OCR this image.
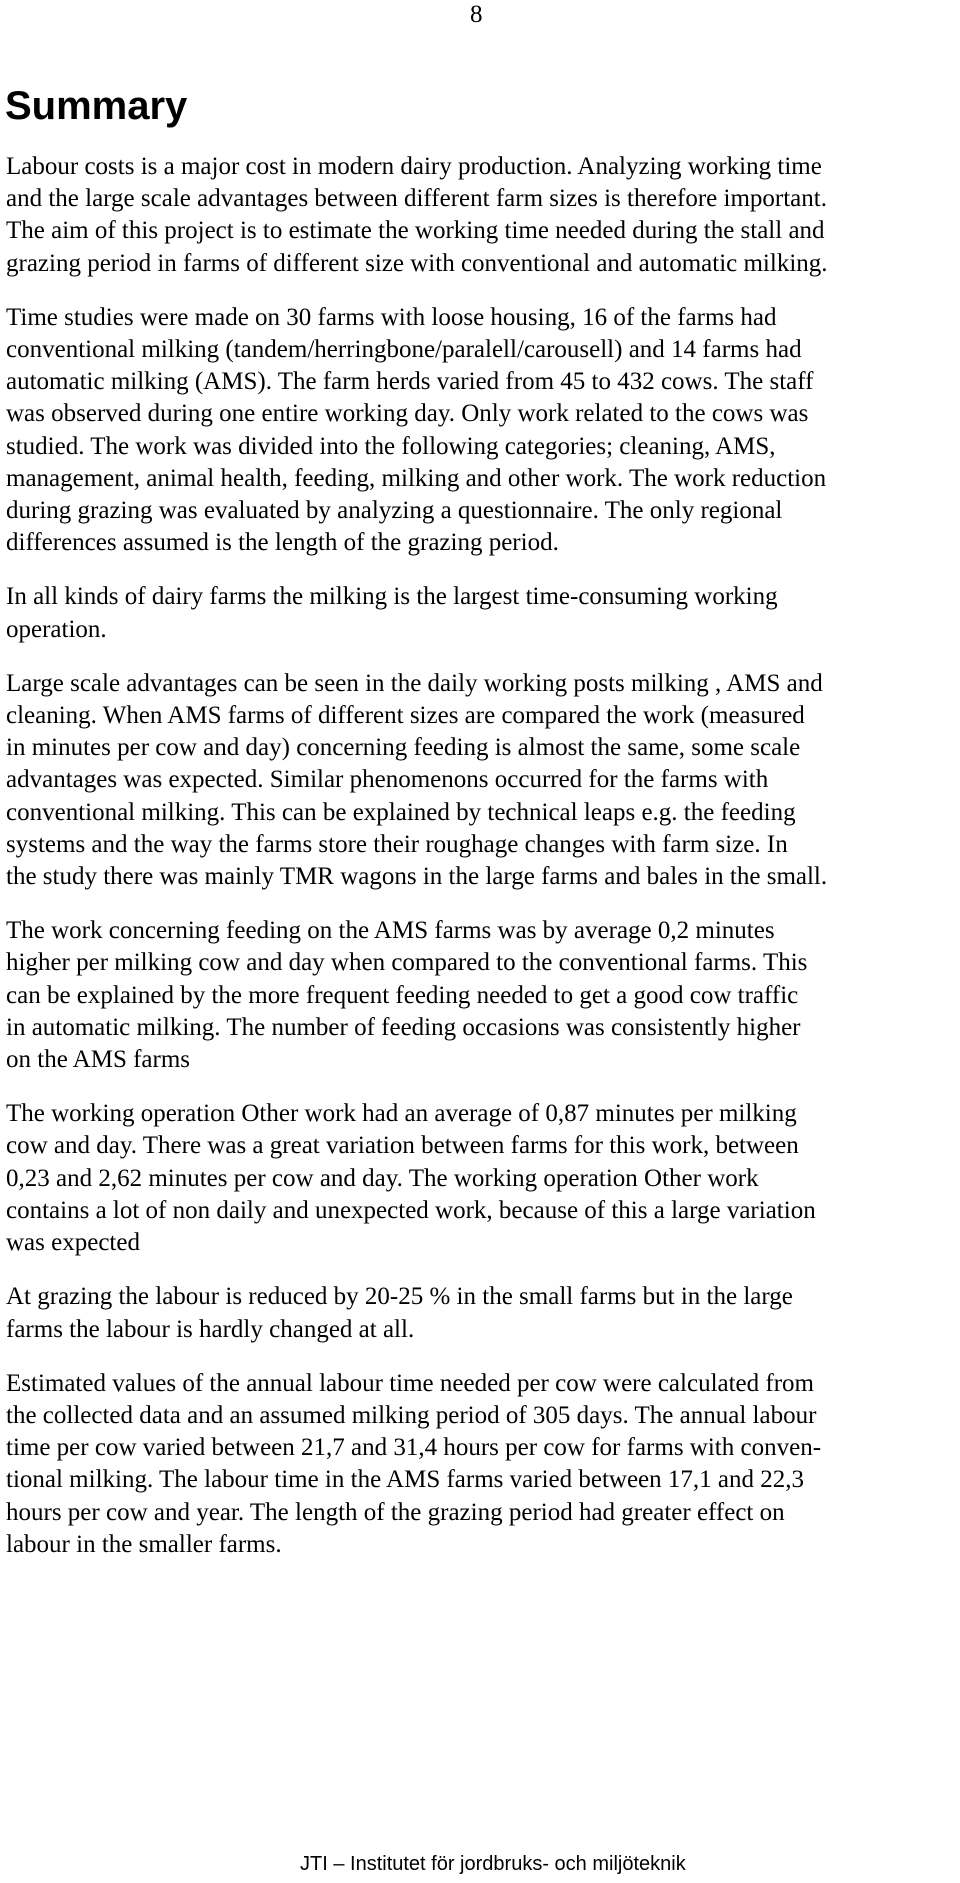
8
Summary

Labour costs is a major cost in modern dairy production. Analyzing working time
and the large scale advantages between different farm sizes is therefore important.
The aim of this project is to estimate the working time needed during the stall and
grazing period in farms of different size with conventional and automatic milking.

Time studies were made on 30 farms with loose housing, 16 of the farms had
conventional milking (tandem/herringbone/paralell/carousell) and 14 farms had
automatic milking (AMS). The farm herds varied from 45 to 432 cows. The staff
was observed during one entire working day. Only work related to the cows was
studied. The work was divided into the following categories; cleaning, AMS,
management, animal health, feeding, milking and other work. The work reduction
during grazing was evaluated by analyzing a questionnaire. The only regional
differences assumed is the length of the grazing period.

In all kinds of dairy farms the milking is the largest time-consuming working
operation.

Large scale advantages can be seen in the daily working posts milking , AMS and
cleaning. When AMS farms of different sizes are compared the work (measured
in minutes per cow and day) concerning feeding is almost the same, some scale
advantages was expected. Similar phenomenons occurred for the farms with
conventional milking. This can be explained by technical leaps e.g. the feeding
systems and the way the farms store their roughage changes with farm size. In
the study there was mainly TMR wagons in the large farms and bales in the small.

The work concerning feeding on the AMS farms was by average 0,2 minutes
higher per milking cow and day when compared to the conventional farms. This
can be explained by the more frequent feeding needed to get a good cow traffic
in automatic milking. The number of feeding occasions was consistently higher
on the AMS farms

The working operation Other work had an average of 0,87 minutes per milking
cow and day. There was a great variation between farms for this work, between
0,23 and 2,62 minutes per cow and day. The working operation Other work
contains a lot of non daily and unexpected work, because of this a large variation
was expected

At grazing the labour is reduced by 20-25 % in the small farms but in the large
farms the labour is hardly changed at all.

Estimated values of the annual labour time needed per cow were calculated from
the collected data and an assumed milking period of 305 days. The annual labour
time per cow varied between 21,7 and 31,4 hours per cow for farms with conven-
tional milking. The labour time in the AMS farms varied between 17,1 and 22,3
hours per cow and year. The length of the grazing period had greater effect on
labour in the smaller farms.

JTI – Institutet för jordbruks- och miljöteknik
